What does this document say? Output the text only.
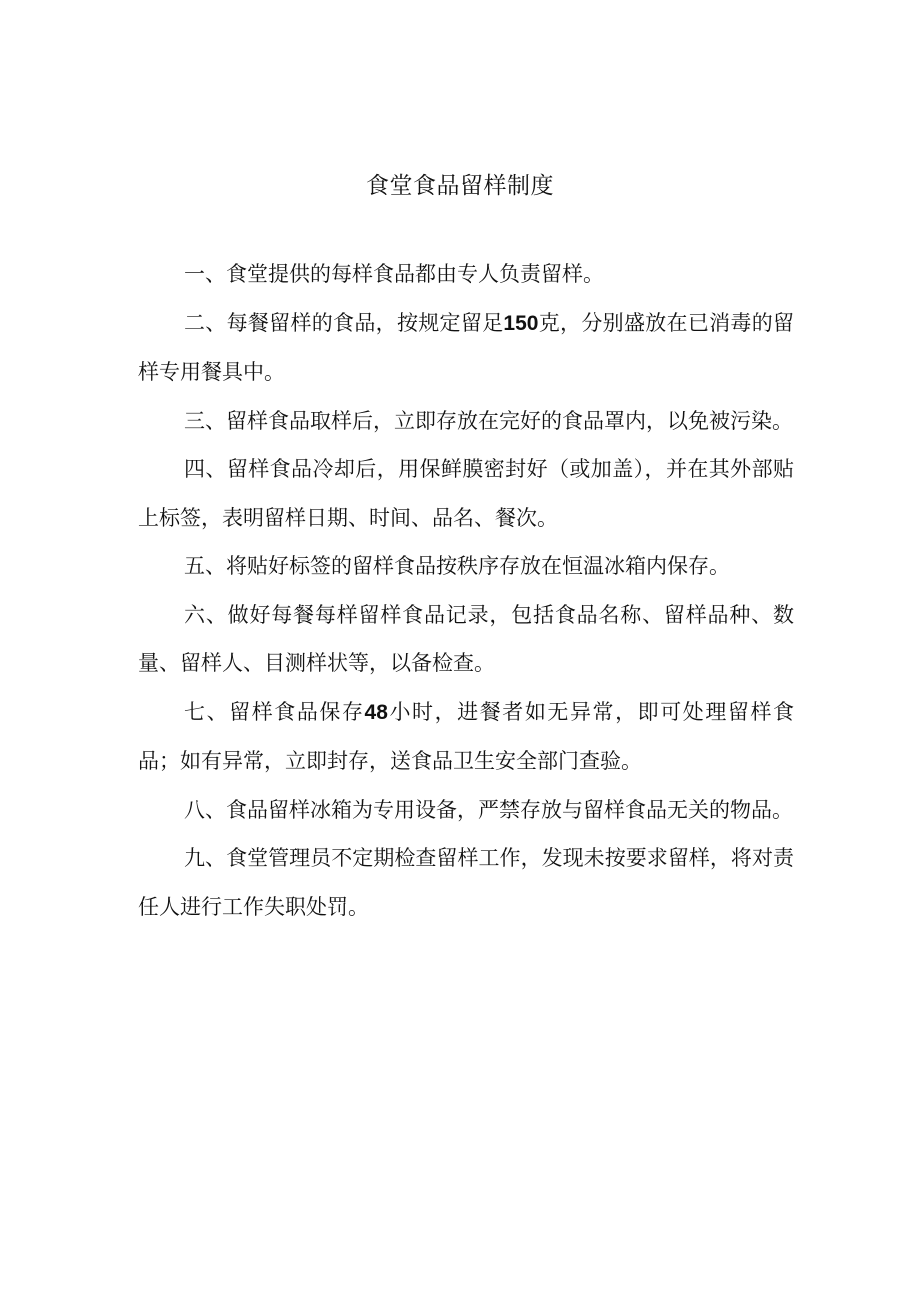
食堂食品留样制度

一、食堂提供的每样食品都由专人负责留样。

二、每餐留样的食品，按规定留足150克，分别盛放在已消毒的留样专用餐具中。

三、留样食品取样后，立即存放在完好的食品罩内，以免被污染。

四、留样食品冷却后，用保鲜膜密封好（或加盖），并在其外部贴上标签，表明留样日期、时间、品名、餐次。

五、将贴好标签的留样食品按秩序存放在恒温冰箱内保存。

六、做好每餐每样留样食品记录，包括食品名称、留样品种、数量、留样人、目测样状等，以备检查。

七、留样食品保存48小时，进餐者如无异常，即可处理留样食品；如有异常，立即封存，送食品卫生安全部门查验。

八、食品留样冰箱为专用设备，严禁存放与留样食品无关的物品。

九、食堂管理员不定期检查留样工作，发现未按要求留样，将对责任人进行工作失职处罚。
